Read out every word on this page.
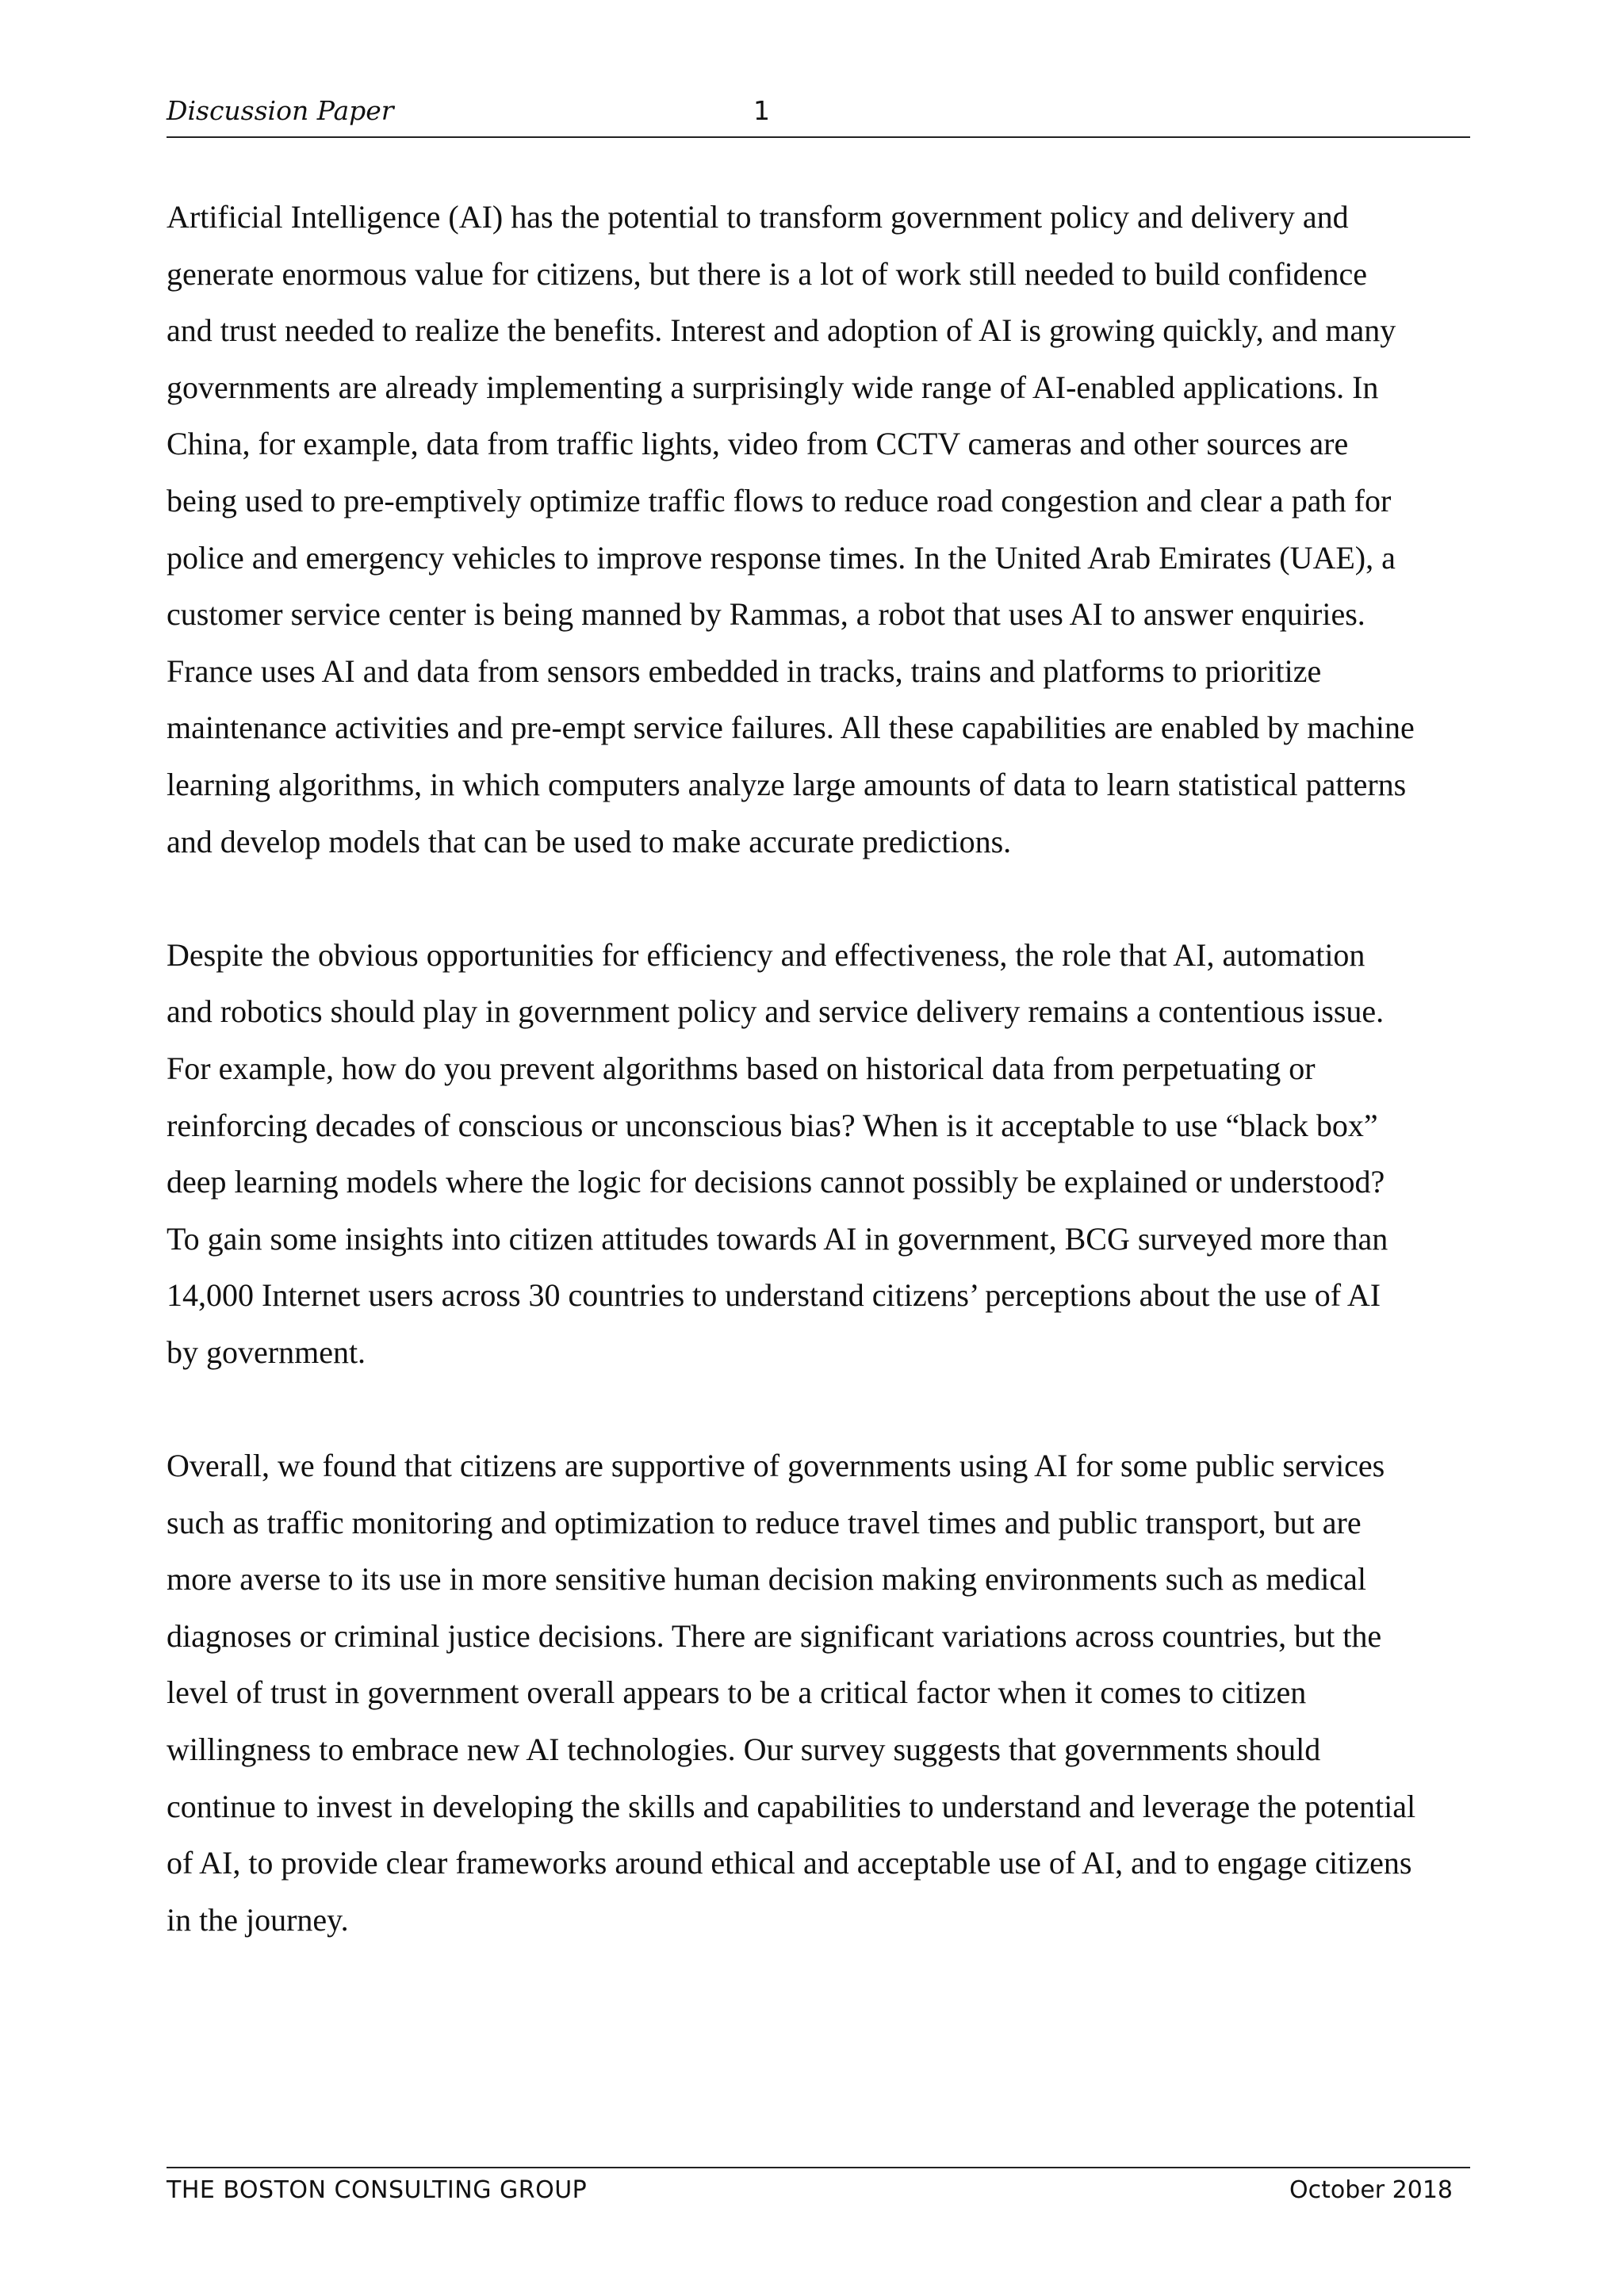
Discussion Paper	1

Artificial Intelligence (AI) has the potential to transform government policy and delivery and
generate enormous value for citizens, but there is a lot of work still needed to build confidence
and trust needed to realize the benefits. Interest and adoption of AI is growing quickly, and many
governments are already implementing a surprisingly wide range of AI-enabled applications. In
China, for example, data from traffic lights, video from CCTV cameras and other sources are
being used to pre-emptively optimize traffic flows to reduce road congestion and clear a path for
police and emergency vehicles to improve response times. In the United Arab Emirates (UAE), a
customer service center is being manned by Rammas, a robot that uses AI to answer enquiries.
France uses AI and data from sensors embedded in tracks, trains and platforms to prioritize
maintenance activities and pre-empt service failures. All these capabilities are enabled by machine
learning algorithms, in which computers analyze large amounts of data to learn statistical patterns
and develop models that can be used to make accurate predictions.

Despite the obvious opportunities for efficiency and effectiveness, the role that AI, automation
and robotics should play in government policy and service delivery remains a contentious issue.
For example, how do you prevent algorithms based on historical data from perpetuating or
reinforcing decades of conscious or unconscious bias? When is it acceptable to use “black box”
deep learning models where the logic for decisions cannot possibly be explained or understood?
To gain some insights into citizen attitudes towards AI in government, BCG surveyed more than
14,000 Internet users across 30 countries to understand citizens’ perceptions about the use of AI
by government.

Overall, we found that citizens are supportive of governments using AI for some public services
such as traffic monitoring and optimization to reduce travel times and public transport, but are
more averse to its use in more sensitive human decision making environments such as medical
diagnoses or criminal justice decisions. There are significant variations across countries, but the
level of trust in government overall appears to be a critical factor when it comes to citizen
willingness to embrace new AI technologies. Our survey suggests that governments should
continue to invest in developing the skills and capabilities to understand and leverage the potential
of AI, to provide clear frameworks around ethical and acceptable use of AI, and to engage citizens
in the journey.

THE BOSTON CONSULTING GROUP	October 2018
